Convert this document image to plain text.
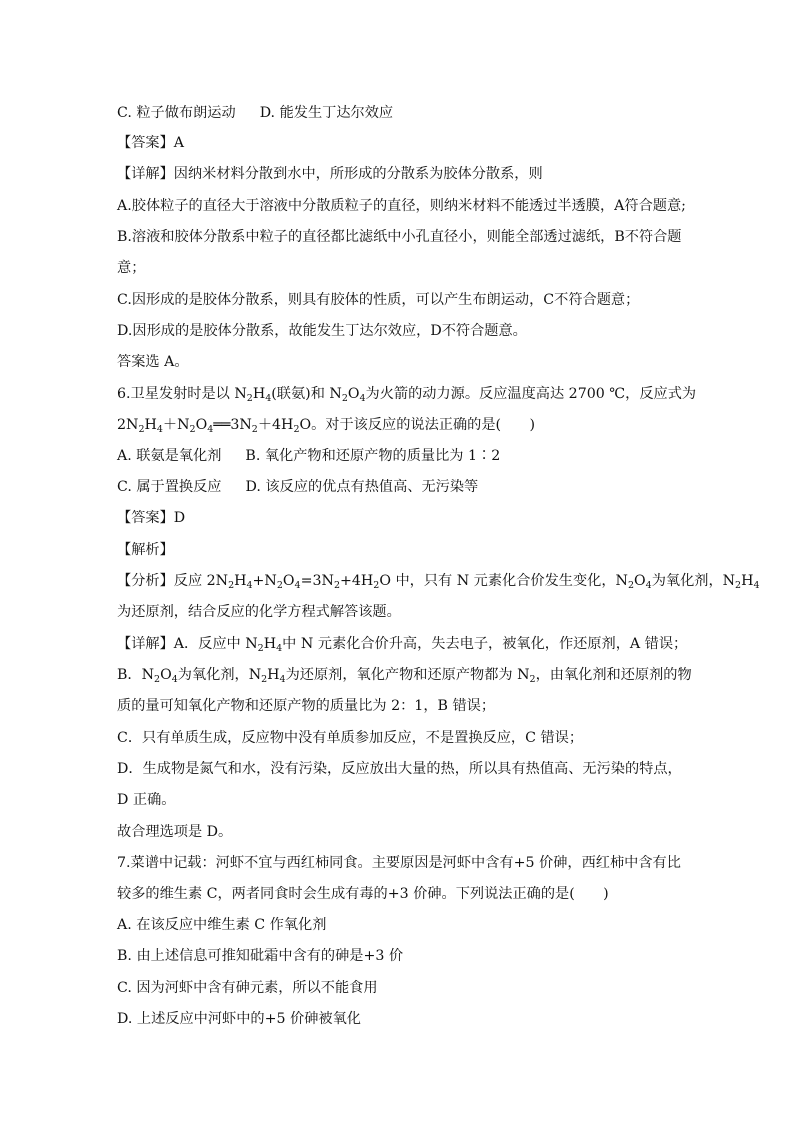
C. 粒子做布朗运动 D. 能发生丁达尔效应
【答案】A
【详解】因纳米材料分散到水中，所形成的分散系为胶体分散系，则
A.胶体粒子的直径大于溶液中分散质粒子的直径，则纳米材料不能透过半透膜，A符合题意;
B.溶液和胶体分散系中粒子的直径都比滤纸中小孔直径小，则能全部透过滤纸，B不符合题
意；
C.因形成的是胶体分散系，则具有胶体的性质，可以产生布朗运动，C不符合题意；
D.因形成的是胶体分散系，故能发生丁达尔效应，D不符合题意。
答案选 A。
6.卫星发射时是以 $N_2H_4$(联氨)和 $N_2O_4$为火箭的动力源。反应温度高达 2700 ℃，反应式为
$2N_2H_4+N_2O_4══3N_2+4H_2O$。对于该反应的说法正确的是(　　)
A. 联氨是氧化剂 B. 氧化产物和还原产物的质量比为 1∶2
C. 属于置换反应 D. 该反应的优点有热值高、无污染等
【答案】D
【解析】
【分析】反应 $2N_2H_4+N_2O_4=3N_2+4H_2O$ 中，只有 N 元素化合价发生变化，$N_2O_4$为氧化剂，$N_2H_4$
为还原剂，结合反应的化学方程式解答该题。
【详解】A．反应中 $N_2H_4$中 N 元素化合价升高，失去电子，被氧化，作还原剂，A 错误；
B．$N_2O_4$为氧化剂，$N_2H_4$为还原剂，氧化产物和还原产物都为 $N_2$，由氧化剂和还原剂的物
质的量可知氧化产物和还原产物的质量比为 2：1，B 错误；
C．只有单质生成，反应物中没有单质参加反应，不是置换反应，C 错误；
D．生成物是氮气和水，没有污染，反应放出大量的热，所以具有热值高、无污染的特点，
D 正确。
故合理选项是 D。
7.菜谱中记载：河虾不宜与西红柿同食。主要原因是河虾中含有+5 价砷，西红柿中含有比
较多的维生素 C，两者同食时会生成有毒的+3 价砷。下列说法正确的是(　　)
A. 在该反应中维生素 C 作氧化剂
B. 由上述信息可推知砒霜中含有的砷是+3 价
C. 因为河虾中含有砷元素，所以不能食用
D. 上述反应中河虾中的+5 价砷被氧化
